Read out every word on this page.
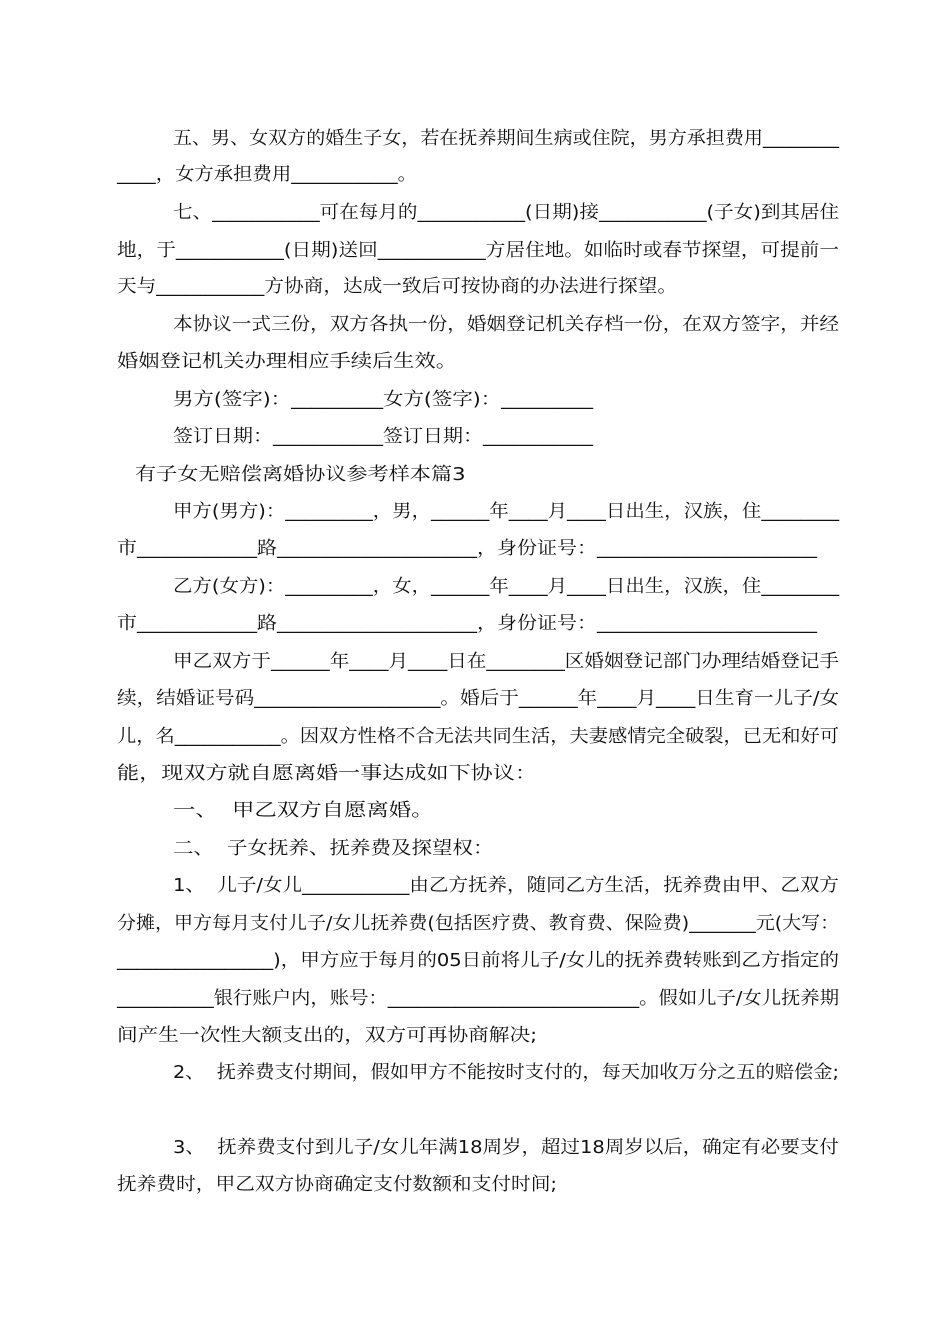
五、男、女双方的婚生子女，若在抚养期间生病或住院，男方承担费用________
____，女方承担费用___________。
七、___________可在每月的___________(日期)接___________(子女)到其居住
地，于___________(日期)送回___________方居住地。如临时或春节探望，可提前一
天与___________方协商，达成一致后可按协商的办法进行探望。
本协议一式三份，双方各执一份，婚姻登记机关存档一份，在双方签字，并经
婚姻登记机关办理相应手续后生效。
男方(签字)：_________女方(签字)：_________
签订日期：___________签订日期：___________
有子女无赔偿离婚协议参考样本篇3
甲方(男方)：_________，男，______年____月____日出生，汉族，住________
市____________路____________________，身份证号：______________________
乙方(女方)：_________，女，______年____月____日出生，汉族，住________
市____________路____________________，身份证号：______________________
甲乙双方于______年____月____日在________区婚姻登记部门办理结婚登记手
续，结婚证号码___________________。婚后于______年____月____日生育一儿子/女
儿，名___________。因双方性格不合无法共同生活，夫妻感情完全破裂，已无和好可
能，现双方就自愿离婚一事达成如下协议：
一、  甲乙双方自愿离婚。
二、  子女抚养、抚养费及探望权：
1、  儿子/女儿___________由乙方抚养，随同乙方生活，抚养费由甲、乙双方
分摊，甲方每月支付儿子/女儿抚养费(包括医疗费、教育费、保险费)_______元(大写：
________________)，甲方应于每月的05日前将儿子/女儿的抚养费转账到乙方指定的
__________银行账户内，账号：__________________________。假如儿子/女儿抚养期
间产生一次性大额支出的，双方可再协商解决;
2、  抚养费支付期间，假如甲方不能按时支付的，每天加收万分之五的赔偿金;
3、  抚养费支付到儿子/女儿年满18周岁，超过18周岁以后，确定有必要支付
抚养费时，甲乙双方协商确定支付数额和支付时间;
